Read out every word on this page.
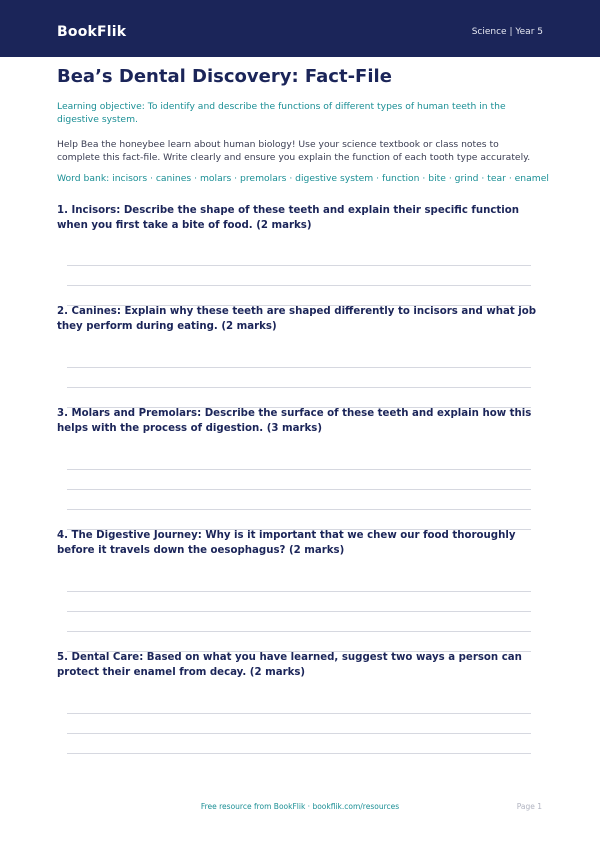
BookFlik	Science | Year 5
Bea’s Dental Discovery: Fact-File
Learning objective: To identify and describe the functions of different types of human teeth in the digestive system.
Help Bea the honeybee learn about human biology! Use your science textbook or class notes to complete this fact-file. Write clearly and ensure you explain the function of each tooth type accurately.
Word bank: incisors · canines · molars · premolars · digestive system · function · bite · grind · tear · enamel
1. Incisors: Describe the shape of these teeth and explain their specific function when you first take a bite of food. (2 marks)
2. Canines: Explain why these teeth are shaped differently to incisors and what job they perform during eating. (2 marks)
3. Molars and Premolars: Describe the surface of these teeth and explain how this helps with the process of digestion. (3 marks)
4. The Digestive Journey: Why is it important that we chew our food thoroughly before it travels down the oesophagus? (2 marks)
5. Dental Care: Based on what you have learned, suggest two ways a person can protect their enamel from decay. (2 marks)
Free resource from BookFlik · bookflik.com/resources	Page 1
